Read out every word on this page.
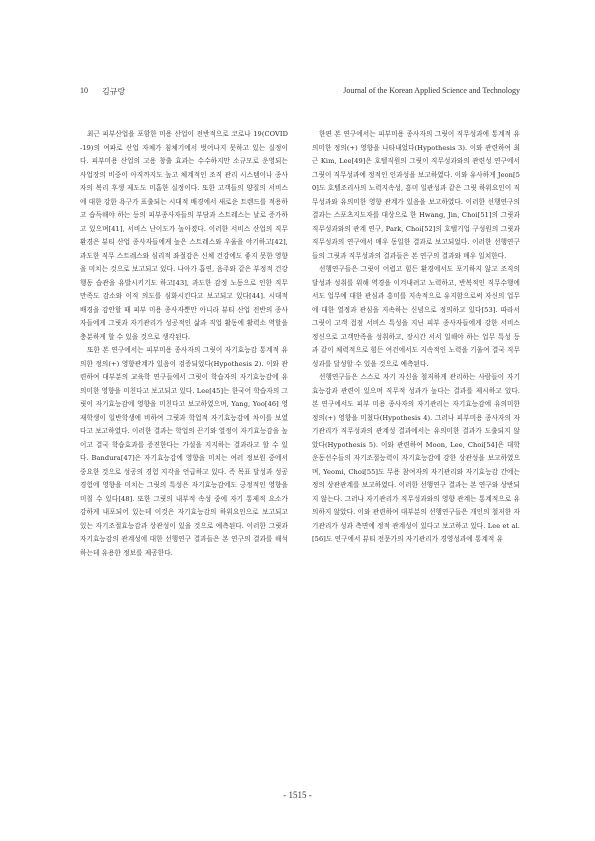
10 김규랑	Journal of the Korean Applied Science and Technology

최근 피부산업을 포함한 미용 산업이 전반적으로 코로나 19(COVID-19)의 여파로 산업 자체가 침체기에서 벗어나지 못하고 있는 실정이다. 피부미용 산업의 고용 창출 효과는 수수하지만 소규모로 운영되는 사업장의 비중이 아직까지도 높고 체계적인 조직 관리 시스템이나 종사자의 복리 후생 제도도 미흡한 실정이다. 또한 고객들의 양질의 서비스에 대한 강한 욕구가 표출되는 시대적 배경에서 새로운 트렌드를 적용하고 습득해야 하는 등의 피부종사자들의 부담과 스트레스는 날로 증가하고 있으며[41], 서비스 난이도가 높아졌다. 이러한 서비스 산업의 직무 환경은 뷰티 산업 종사자들에게 높은 스트레스와 우울을 야기하고[42], 과도한 직무 스트레스와 심리적 좌절감은 신체 건강에도 좋지 못한 영향을 미치는 것으로 보고되고 있다. 나아가 흡연, 음주와 같은 부정적 건강행동 습관을 유발시키기도 하고[43], 과도한 감정 노동으로 인한 직무만족도 감소와 이직 의도를 심화시킨다고 보고되고 있다[44]. 시대적 배경을 감안할 때 피부 미용 종사자뿐만 아니라 뷰티 산업 전반의 종사자들에게 그릿과 자기관리가 성공적인 삶과 직업 활동에 활력소 역할을 충분하게 할 수 있을 것으로 생각된다.

또한 본 연구에서는 피부미용 종사자의 그릿이 자기효능감 통계적 유의한 정의(+) 영향관계가 있음이 검증되었다(Hypothesis 2). 이와 관련하여 대부분의 교육학 연구들에서 그릿이 학습자의 자기효능감에 유의미한 영향을 미친다고 보고되고 있다. Lee[45]는 한국어 학습자의 그릿이 자기효능감에 영향을 미친다고 보고하였으며, Yang, Yoo[46] 영재학생이 일반학생에 비하여 그릿과 학업적 자기효능감에 차이를 보였다고 보고하였다. 이러한 결과는 학업의 끈기와 열정이 자기효능감을 높이고 결국 학습효과를 증진한다는 가설을 지지하는 결과라고 할 수 있다. Bandura[47]은 자기효능감에 영향을 미치는 여러 정보원 중에서 중요한 것으로 성공의 경험 지각을 언급하고 있다. 즉 목표 달성과 성공 경험에 영향을 미치는 그릿의 특성은 자기효능감에도 긍정적인 영향을 미칠 수 있다[48]. 또한 그릿의 내부적 속성 중에 자기 통제적 요소가 강하게 내포되어 있는데 이것은 자기효능감의 하위요인으로 보고되고 있는 자기조절효능감과 상관성이 있을 것으로 예측된다. 이러한 그릿과 자기효능감의 관계성에 대한 선행연구 결과들은 본 연구의 결과를 해석하는데 유용한 정보를 제공한다.

한편 본 연구에서는 피부미용 종사자의 그릿이 직무성과에 통계적 유의미한 정의(+) 영향을 나타내었다(Hypothesis 3). 이와 관련하여 최근 Kim, Lee[49]은 호텔직원의 그릿이 직무성과와의 관련성 연구에서 그릿이 직무성과에 정적인 인과성을 보고하였다. 이와 유사하게 Jeon[50]도 호텔조리사의 노력지속성, 흥미 일관성과 같은 그릿 하위요인이 직무성과와 유의미한 영향 관계가 있음을 보고하였다. 이러한 선행연구의 결과는 스포츠지도자를 대상으로 한 Hwang, Jin, Choi[51]의 그릿과 직무성과와의 관계 연구, Park, Choi[52]의 호텔기업 구성원의 그릿과 직무성과의 연구에서 매우 동일한 결과로 보고되었다. 이러한 선행연구들의 그릿과 직무성과의 결과들은 본 연구의 결과와 매우 일치한다.

선행연구들은 그릿이 어렵고 힘든 환경에서도 포기하지 않고 조직의 달성과 성취를 위해 역경을 이겨내려고 노력하고, 반복적인 직무수행에서도 업무에 대한 관심과 흥미를 지속적으로 유지함으로써 자신의 업무에 대한 열정과 관심을 지속하는 신념으로 정의하고 있다[53]. 따라서 그릿이 고객 접점 서비스 특성을 지닌 피부 종사자들에게 강한 서비스 정신으로 고객만족을 성취하고, 장시간 서서 일해야 하는 업무 특성 등과 같이 체력적으로 힘든 여건에서도 지속적인 노력을 기울여 결국 직무성과를 달성할 수 있을 것으로 예측된다.

선행연구들은 스스로 자기 자신을 철저하게 관리하는 사람들이 자기효능감과 관련이 있으며 직무적 성과가 높다는 결과를 제시하고 있다. 본 연구에서도 피부 미용 종사자의 자기관리는 자기효능감에 유의미한 정의(+) 영향을 미쳤다(Hypothesis 4). 그러나 피부미용 종사자의 자기관리가 직무성과의 관계성 결과에서는 유의미한 결과가 도출되지 않았다(Hypothesis 5). 이와 관련하여 Moon, Lee, Choi[54]은 대학 운동선수들의 자기조절능력이 자기효능감에 강한 상관성을 보고하였으며, Yeomi, Choi[55]도 무용 참여자의 자기관리와 자기효능감 간에는 정의 상관관계를 보고하였다. 이러한 선행연구 결과는 본 연구와 상반되지 않는다. 그러나 자기관리가 직무성과와의 영향 관계는 통계적으로 유의하지 않았다. 이와 관련하여 대부분의 선행연구들은 개인의 철저한 자기관리가 성과 측면에 정적 관계성이 있다고 보고하고 있다. Lee et al.[56]도 연구에서 뷰티 전문가의 자기관리가 경영성과에 통계적 유

- 1515 -
